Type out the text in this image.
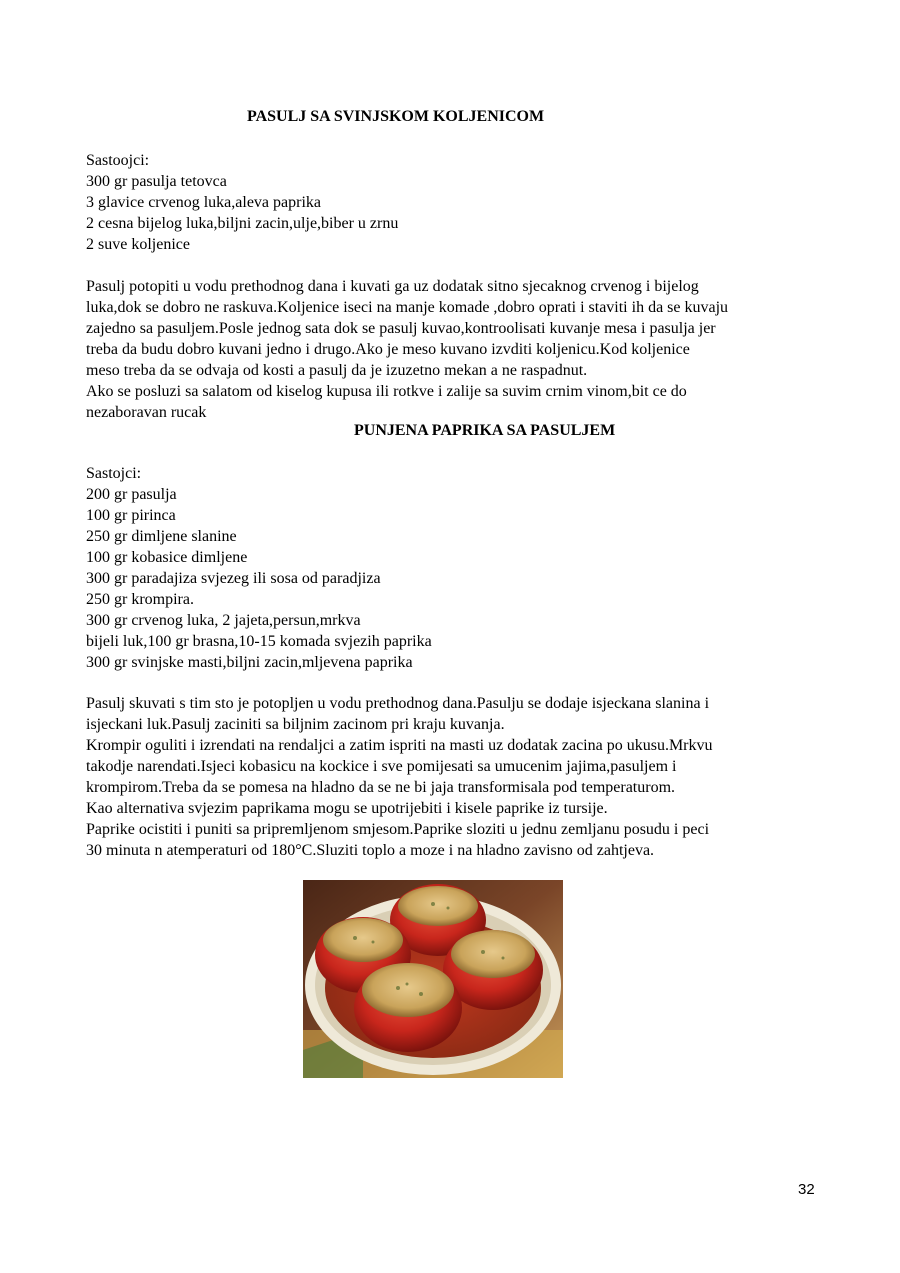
PASULJ SA SVINJSKOM KOLJENICOM
Sastoojci:
300 gr pasulja tetovca
3 glavice crvenog luka,aleva paprika
2 cesna bijelog luka,biljni zacin,ulje,biber u zrnu
2 suve koljenice
Pasulj potopiti u vodu prethodnog dana i kuvati ga uz dodatak sitno sjecaknog crvenog i bijelog
luka,dok se dobro ne raskuva.Koljenice iseci na manje komade ,dobro oprati i staviti ih da se kuvaju
zajedno sa pasuljem.Posle jednog sata dok se pasulj kuvao,kontroolisati kuvanje mesa i pasulja jer
treba da budu dobro kuvani jedno i drugo.Ako je meso kuvano izvditi koljenicu.Kod koljenice
meso treba da se odvaja od kosti a pasulj da je izuzetno mekan a ne raspadnut.
Ako se posluzi sa salatom od kiselog kupusa ili rotkve i zalije sa suvim crnim vinom,bit ce do
nezaboravan rucak
PUNJENA PAPRIKA SA PASULJEM
Sastojci:
200 gr pasulja
100 gr pirinca
250 gr dimljene slanine
100 gr kobasice dimljene
300 gr paradajiza svjezeg ili sosa od paradjiza
250 gr krompira.
300 gr crvenog luka, 2 jajeta,persun,mrkva
bijeli luk,100 gr brasna,10-15 komada svjezih paprika
300 gr svinjske masti,biljni zacin,mljevena paprika
Pasulj skuvati s tim sto je potopljen u vodu prethodnog dana.Pasulju se dodaje isjeckana slanina i
isjeckani luk.Pasulj zaciniti sa biljnim zacinom pri kraju kuvanja.
Krompir oguliti i izrendati na rendaljci a zatim ispriti na masti uz dodatak zacina po ukusu.Mrkvu
takodje narendati.Isjeci kobasicu na kockice i sve pomijesati sa umucenim jajima,pasuljem i
krompirom.Treba da se pomesa na hladno da se ne bi jaja transformisala pod temperaturom.
Kao alternativa svjezim paprikama mogu se upotrijebiti i kisele paprike iz tursije.
Paprike ocistiti i puniti sa pripremljenom smjesom.Paprike sloziti u jednu zemljanu posudu i peci
30 minuta n atemperaturi od 180°C.Sluziti toplo a moze i na hladno zavisno od zahtjeva.
32
